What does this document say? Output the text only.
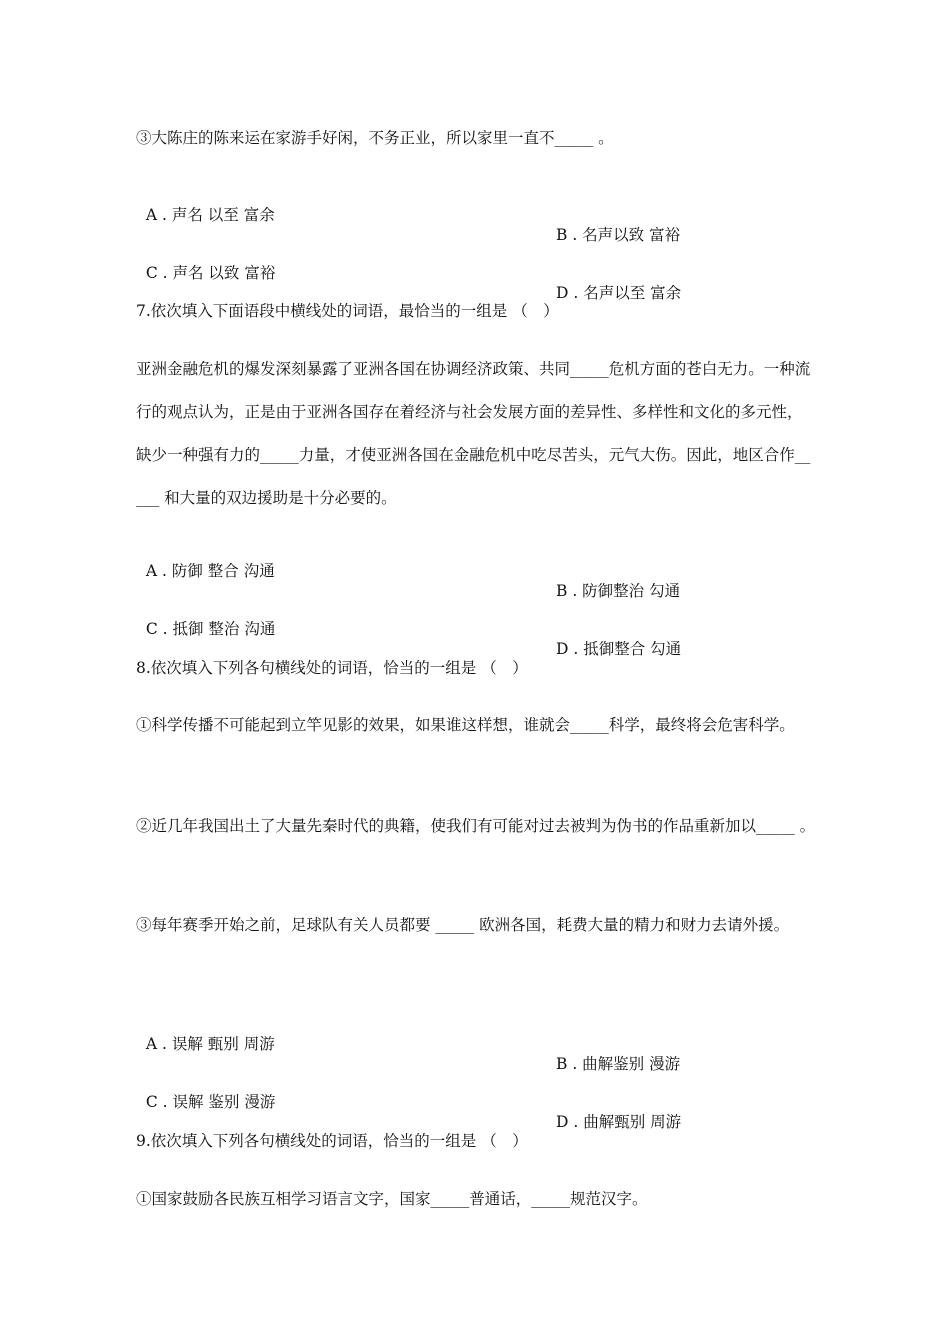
③大陈庄的陈来运在家游手好闲，不务正业，所以家里一直不_____ 。

A . 声名 以至 富余

B . 名声以致 富裕

C . 声名 以致 富裕

D . 名声以至 富余

7.依次填入下面语段中横线处的词语，最恰当的一组是 （　）
亚洲金融危机的爆发深刻暴露了亚洲各国在协调经济政策、共同_____危机方面的苍白无力。一种流行的观点认为，正是由于亚洲各国存在着经济与社会发展方面的差异性、多样性和文化的多元性，缺少一种强有力的_____力量，才使亚洲各国在金融危机中吃尽苦头，元气大伤。因此，地区合作_____ 和大量的双边援助是十分必要的。

A . 防御 整合 沟通

B . 防御整治 勾通

C . 抵御 整治 沟通

D . 抵御整合 勾通

8.依次填入下列各句横线处的词语，恰当的一组是 （　）
①科学传播不可能起到立竿见影的效果，如果谁这样想，谁就会_____科学，最终将会危害科学。
②近几年我国出土了大量先秦时代的典籍，使我们有可能对过去被判为伪书的作品重新加以_____ 。
③每年赛季开始之前，足球队有关人员都要 _____ 欧洲各国，耗费大量的精力和财力去请外援。

A . 误解 甄别 周游

B . 曲解鉴别 漫游

C . 误解 鉴别 漫游

D . 曲解甄别 周游

9.依次填入下列各句横线处的词语，恰当的一组是 （　）
①国家鼓励各民族互相学习语言文字，国家_____普通话，_____规范汉字。
